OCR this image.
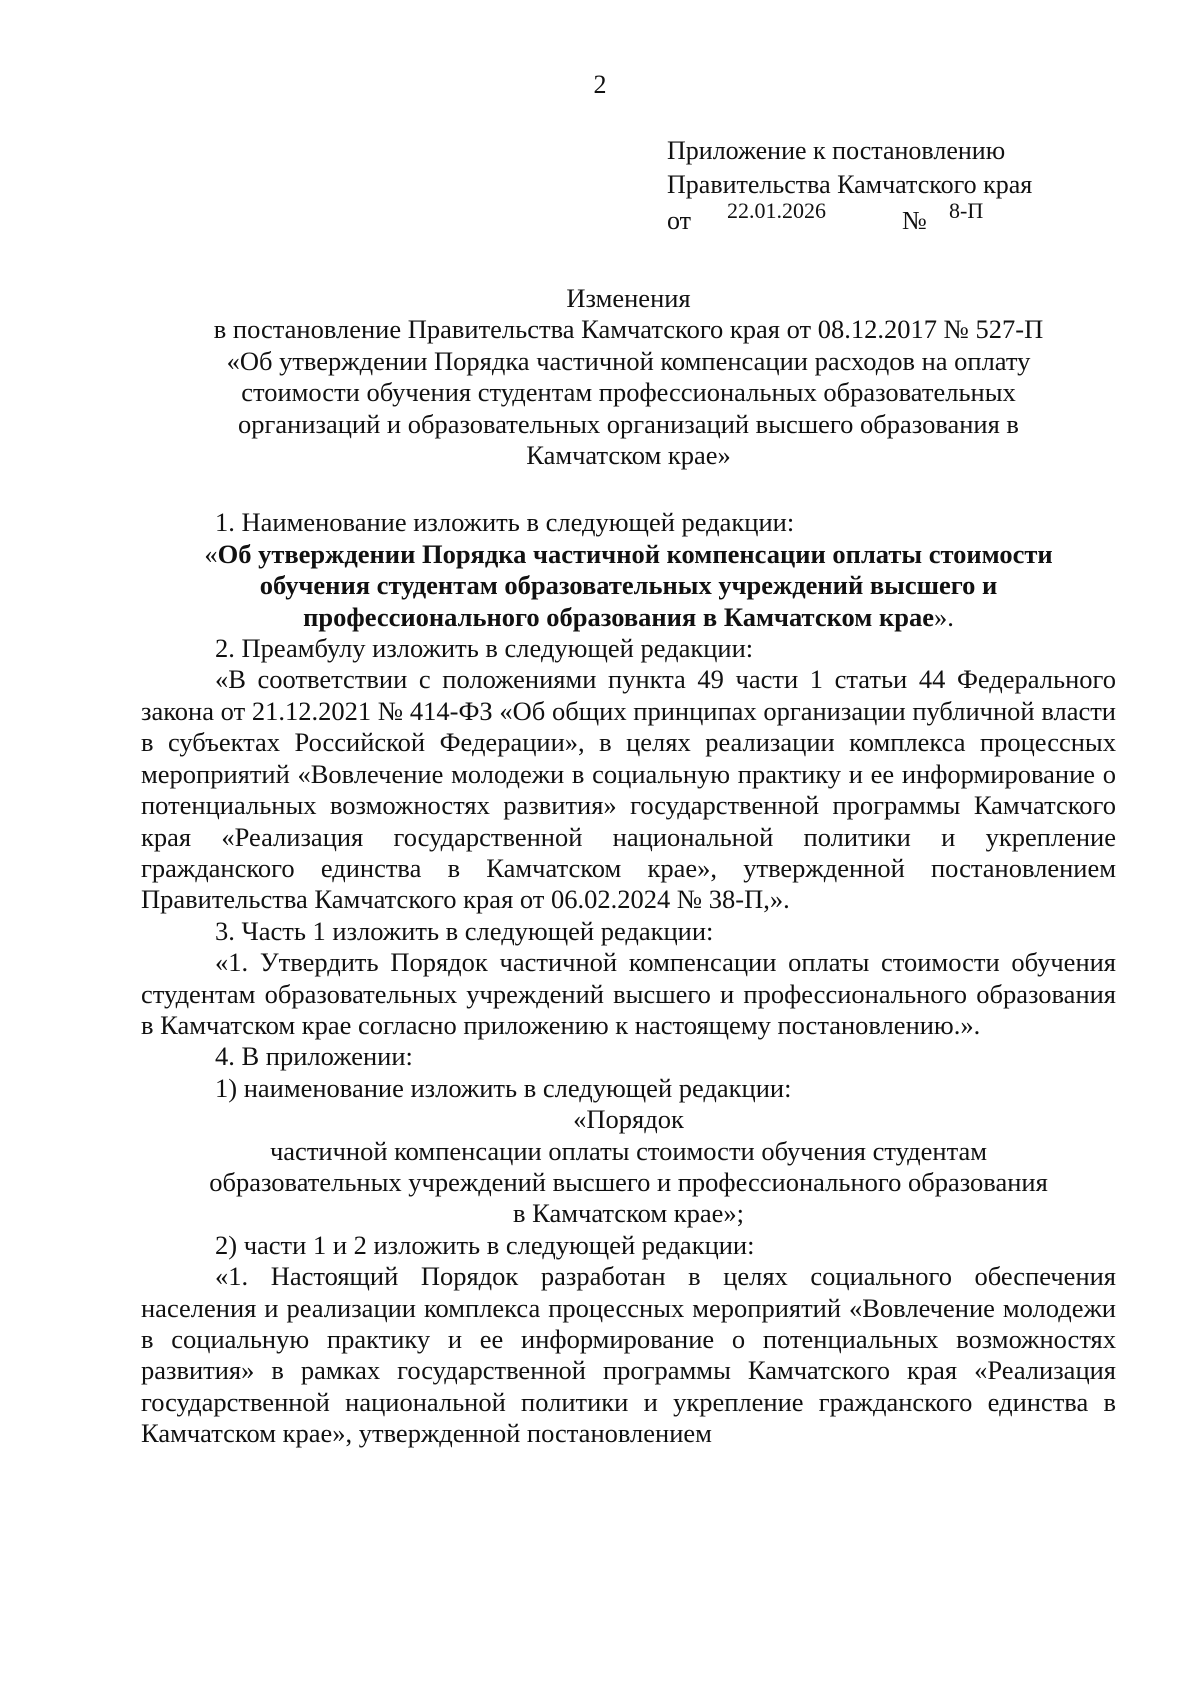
2
Приложение к постановлению
Правительства Камчатского края
от 22.01.2026	№ 8-П
Изменения
в постановление Правительства Камчатского края от 08.12.2017 № 527-П
«Об утверждении Порядка частичной компенсации расходов на оплату
стоимости обучения студентам профессиональных образовательных
организаций и образовательных организаций высшего образования в
Камчатском крае»
1. Наименование изложить в следующей редакции:
«Об утверждении Порядка частичной компенсации оплаты стоимости
обучения студентам образовательных учреждений высшего и
профессионального образования в Камчатском крае».
2. Преамбулу изложить в следующей редакции:
«В соответствии с положениями пункта 49 части 1 статьи 44 Федерального закона от 21.12.2021 № 414-ФЗ «Об общих принципах организации публичной власти в субъектах Российской Федерации», в целях реализации комплекса процессных мероприятий «Вовлечение молодежи в социальную практику и ее информирование о потенциальных возможностях развития» государственной программы Камчатского края «Реализация государственной национальной политики и укрепление гражданского единства в Камчатском крае», утвержденной постановлением Правительства Камчатского края от 06.02.2024 № 38-П,».
3. Часть 1 изложить в следующей редакции:
«1. Утвердить Порядок частичной компенсации оплаты стоимости обучения студентам образовательных учреждений высшего и профессионального образования в Камчатском крае согласно приложению к настоящему постановлению.».
4. В приложении:
1) наименование изложить в следующей редакции:
«Порядок
частичной компенсации оплаты стоимости обучения студентам
образовательных учреждений высшего и профессионального образования
в Камчатском крае»;
2) части 1 и 2 изложить в следующей редакции:
«1. Настоящий Порядок разработан в целях социального обеспечения населения и реализации комплекса процессных мероприятий «Вовлечение молодежи в социальную практику и ее информирование о потенциальных возможностях развития» в рамках государственной программы Камчатского края «Реализация государственной национальной политики и укрепление гражданского единства в Камчатском крае», утвержденной постановлением
